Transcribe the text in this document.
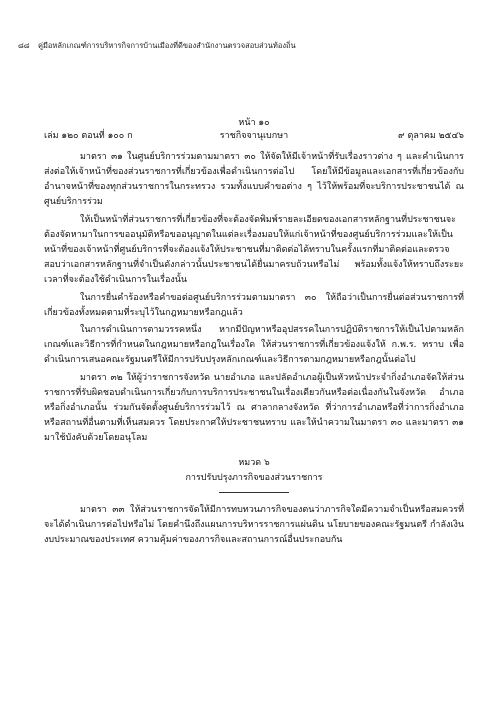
๘๘ คู่มือหลักเกณฑ์การบริหารกิจการบ้านเมืองที่ดีของสำนักงานตรวจสอบส่วนท้องถิ่น
หน้า ๑๐
เล่ม ๑๒๐ ตอนที่ ๑๐๐ ก	ราชกิจจานุเบกษา	๙ ตุลาคม ๒๕๔๖

มาตรา ๓๑ ในศูนย์บริการร่วมตามมาตรา ๓๐ ให้จัดให้มีเจ้าหน้าที่รับเรื่องราวต่าง ๆ และคำเนินการส่งต่อให้เจ้าหน้าที่ของส่วนราชการที่เกี่ยวข้องเพื่อดำเนินการต่อไป โดยให้มีข้อมูลและเอกสารที่เกี่ยวข้องกับอำนาจหน้าที่ของทุกส่วนราชการในกระทรวง รวมทั้งแบบคำขอต่าง ๆ ไว้ให้พร้อมที่จะบริการประชาชนได้ ณ ศูนย์บริการร่วม

ให้เป็นหน้าที่ส่วนราชการที่เกี่ยวข้องที่จะต้องจัดพิมพ์รายละเอียดของเอกสารหลักฐานที่ประชาชนจะต้องจัดหามาในการขออนุมัติหรือขออนุญาตในแต่ละเรื่องมอบให้แก่เจ้าหน้าที่ของศูนย์บริการร่วมและให้เป็นหน้าที่ของเจ้าหน้าที่ศูนย์บริการที่จะต้องแจ้งให้ประชาชนที่มาติดต่อได้ทราบในครั้งแรกที่มาติดต่อและตรวจสอบว่าเอกสารหลักฐานที่จำเป็นดังกล่าวนั้นประชาชนได้ยื่นมาครบถ้วนหรือไม่ พร้อมทั้งแจ้งให้ทราบถึงระยะเวลาที่จะต้องใช้ดำเนินการในเรื่องนั้น

ในการยื่นคำร้องหรือคำขอต่อศูนย์บริการร่วมตามมาตรา ๓๐ ให้ถือว่าเป็นการยื่นต่อส่วนราชการที่เกี่ยวข้องทั้งหมดตามที่ระบุไว้ในกฎหมายหรือกฎแล้ว

ในการดำเนินการตามวรรคหนึ่ง หากมีปัญหาหรืออุปสรรคในการปฏิบัติราชการให้เป็นไปตามหลักเกณฑ์และวิธีการที่กำหนดในกฎหมายหรือกฎในเรื่องใด ให้ส่วนราชการที่เกี่ยวข้องแจ้งให้ ก.พ.ร. ทราบ เพื่อดำเนินการเสนอคณะรัฐมนตรีให้มีการปรับปรุงหลักเกณฑ์และวิธีการตามกฎหมายหรือกฎนั้นต่อไป

มาตรา ๓๒ ให้ผู้ว่าราชการจังหวัด นายอำเภอ และปลัดอำเภอผู้เป็นหัวหน้าประจำกิ่งอำเภอจัดให้ส่วนราชการที่รับผิดชอบดำเนินการเกี่ยวกับการบริการประชาชนในเรื่องเดียวกันหรือต่อเนื่องกันในจังหวัด อำเภอ หรือกิ่งอำเภอนั้น ร่วมกันจัดตั้งศูนย์บริการร่วมไว้ ณ ศาลากลางจังหวัด ที่ว่าการอำเภอหรือที่ว่าการกิ่งอำเภอ หรือสถานที่อื่นตามที่เห็นสมควร โดยประกาศให้ประชาชนทราบ และให้นำความในมาตรา ๓๐ และมาตรา ๓๑ มาใช้บังคับด้วยโดยอนุโลม

หมวด ๖
การปรับปรุงภารกิจของส่วนราชการ

มาตรา ๓๓ ให้ส่วนราชการจัดให้มีการทบทวนภารกิจของตนว่าภารกิจใดมีความจำเป็นหรือสมควรที่จะได้ดำเนินการต่อไปหรือไม่ โดยคำนึงถึงแผนการบริหารราชการแผ่นดิน นโยบายของคณะรัฐมนตรี กำลังเงินงบประมาณของประเทศ ความคุ้มค่าของภารกิจและสถานการณ์อื่นประกอบกัน
